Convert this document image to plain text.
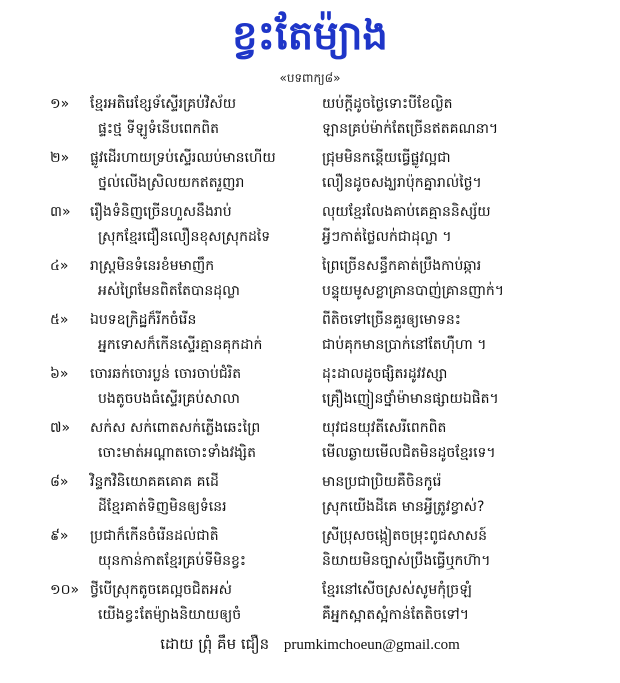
ខ្វះតែម៉្យាង
«បទពាក្យ៨»
១»	ខ្មែរអតិរេខ្សែទ័ស្ទើរគ្រប់វិស័យ	យប់ក្តីដូចថ្ងៃទោះបីខែល្ងិត
ផ្ទះថ្ម ទីឡូទំនើបពេកពិត	ឡានគ្រប់ម៉ាក់តែច្រើនឥតគណនា។
២»	ផ្លូវដើរហាយទ្រប់ស្ទើរឈប់មានហើយ	ជ្រុមមិនកន្តើយធ្វើផ្លូវល្អជា
ថ្នល់លើងស្រិលយកឥតរួញរា	លឿនដូចសង្ឃរាប៉ុកគ្នារាល់ថ្ងៃ។
៣»	រឿងទំនិញច្រើនហួសនឹងរាប់	លុយខ្មែរលែងគាប់គេគ្មាននិស្ស័យ
ស្រុកខ្មែរជឿនលឿនខុសស្រុកដទៃ	អ្វីៗកាត់ថ្លៃលក់ជាដុល្លា ។
៤»	រាស្ត្រមិនទំនេរខំមមាញឹក	ព្រៃច្រើនសន្ធឹកគាត់ប្រឹងកាប់ឆ្ការ
អស់ព្រៃមែនពិតតែបានដុល្លា	បន្ទុយមូសខ្លាគ្រានបាញ់គ្រានញាក់។
៥»	ឯបទឧក្រិដ្ឋក៏រីកចំរើន	ពីតិចទៅច្រើនគួរឲ្យមោទនះ
អ្នកទោសក៏កើនស្ទើរគ្មានគុកដាក់	ជាប់គុកមានប្រាក់នៅតែហ៊ឺហា ។
៦»	ចោរឆក់ចោរប្លន់ ចោរចាប់ជំរិត	ដុះដាលដូចផ្សិតរដូវវស្សា
បងតូចបងធំស្ទើរគ្រប់សាលា	គ្រឿងញៀនថ្នាំម៉ាមានផ្សាយឯផិត។
៧»	សក់ស សក់ពោតសក់ភ្លើងឆេះព្រៃ	យុវជនយុវតីសេរីពេកពិត
ចោះមាត់អណ្តាតចោះទាំងវង្សិត	មើលឆ្ងាយមើលជិតមិនដូចខ្មែរទេ។
៨»	វិន្ទកវិនិយោគគគោគ គដើ	មានប្រជាប្រិយគឺចិនកូរ៉េ
ដីខ្មែរគាត់ទិញមិនឲ្យទំនេរ	ស្រុកយើងដីគេ មានអ្វីត្រូវខ្វាស់?
៩»	ប្រជាក៏កើនចំរើនដល់ជាតិ	ស្រីប្រុសចង្កៀតចម្រុះពូជសាសន៍
យុនកាន់កាតខ្មែរគ្រប់ទីមិនខ្វះ	និយាយមិនច្បាស់ប្រឹងធ្វើឬកហ៊ា។
១០» ថ្វីបើស្រុកតូចគេល្អចជិតអស់	ខ្មែរនៅសើចស្រស់សូមកុំច្រឡំ
យើងខ្វះតែម៉្យាងនិយាយឲ្យចំ	គឺអ្នកស្អាតស្អំកាន់តែតិចទៅ។
ដោយ ព្រុំ គឹម ជឿន prumkimchoeun@gmail.com
